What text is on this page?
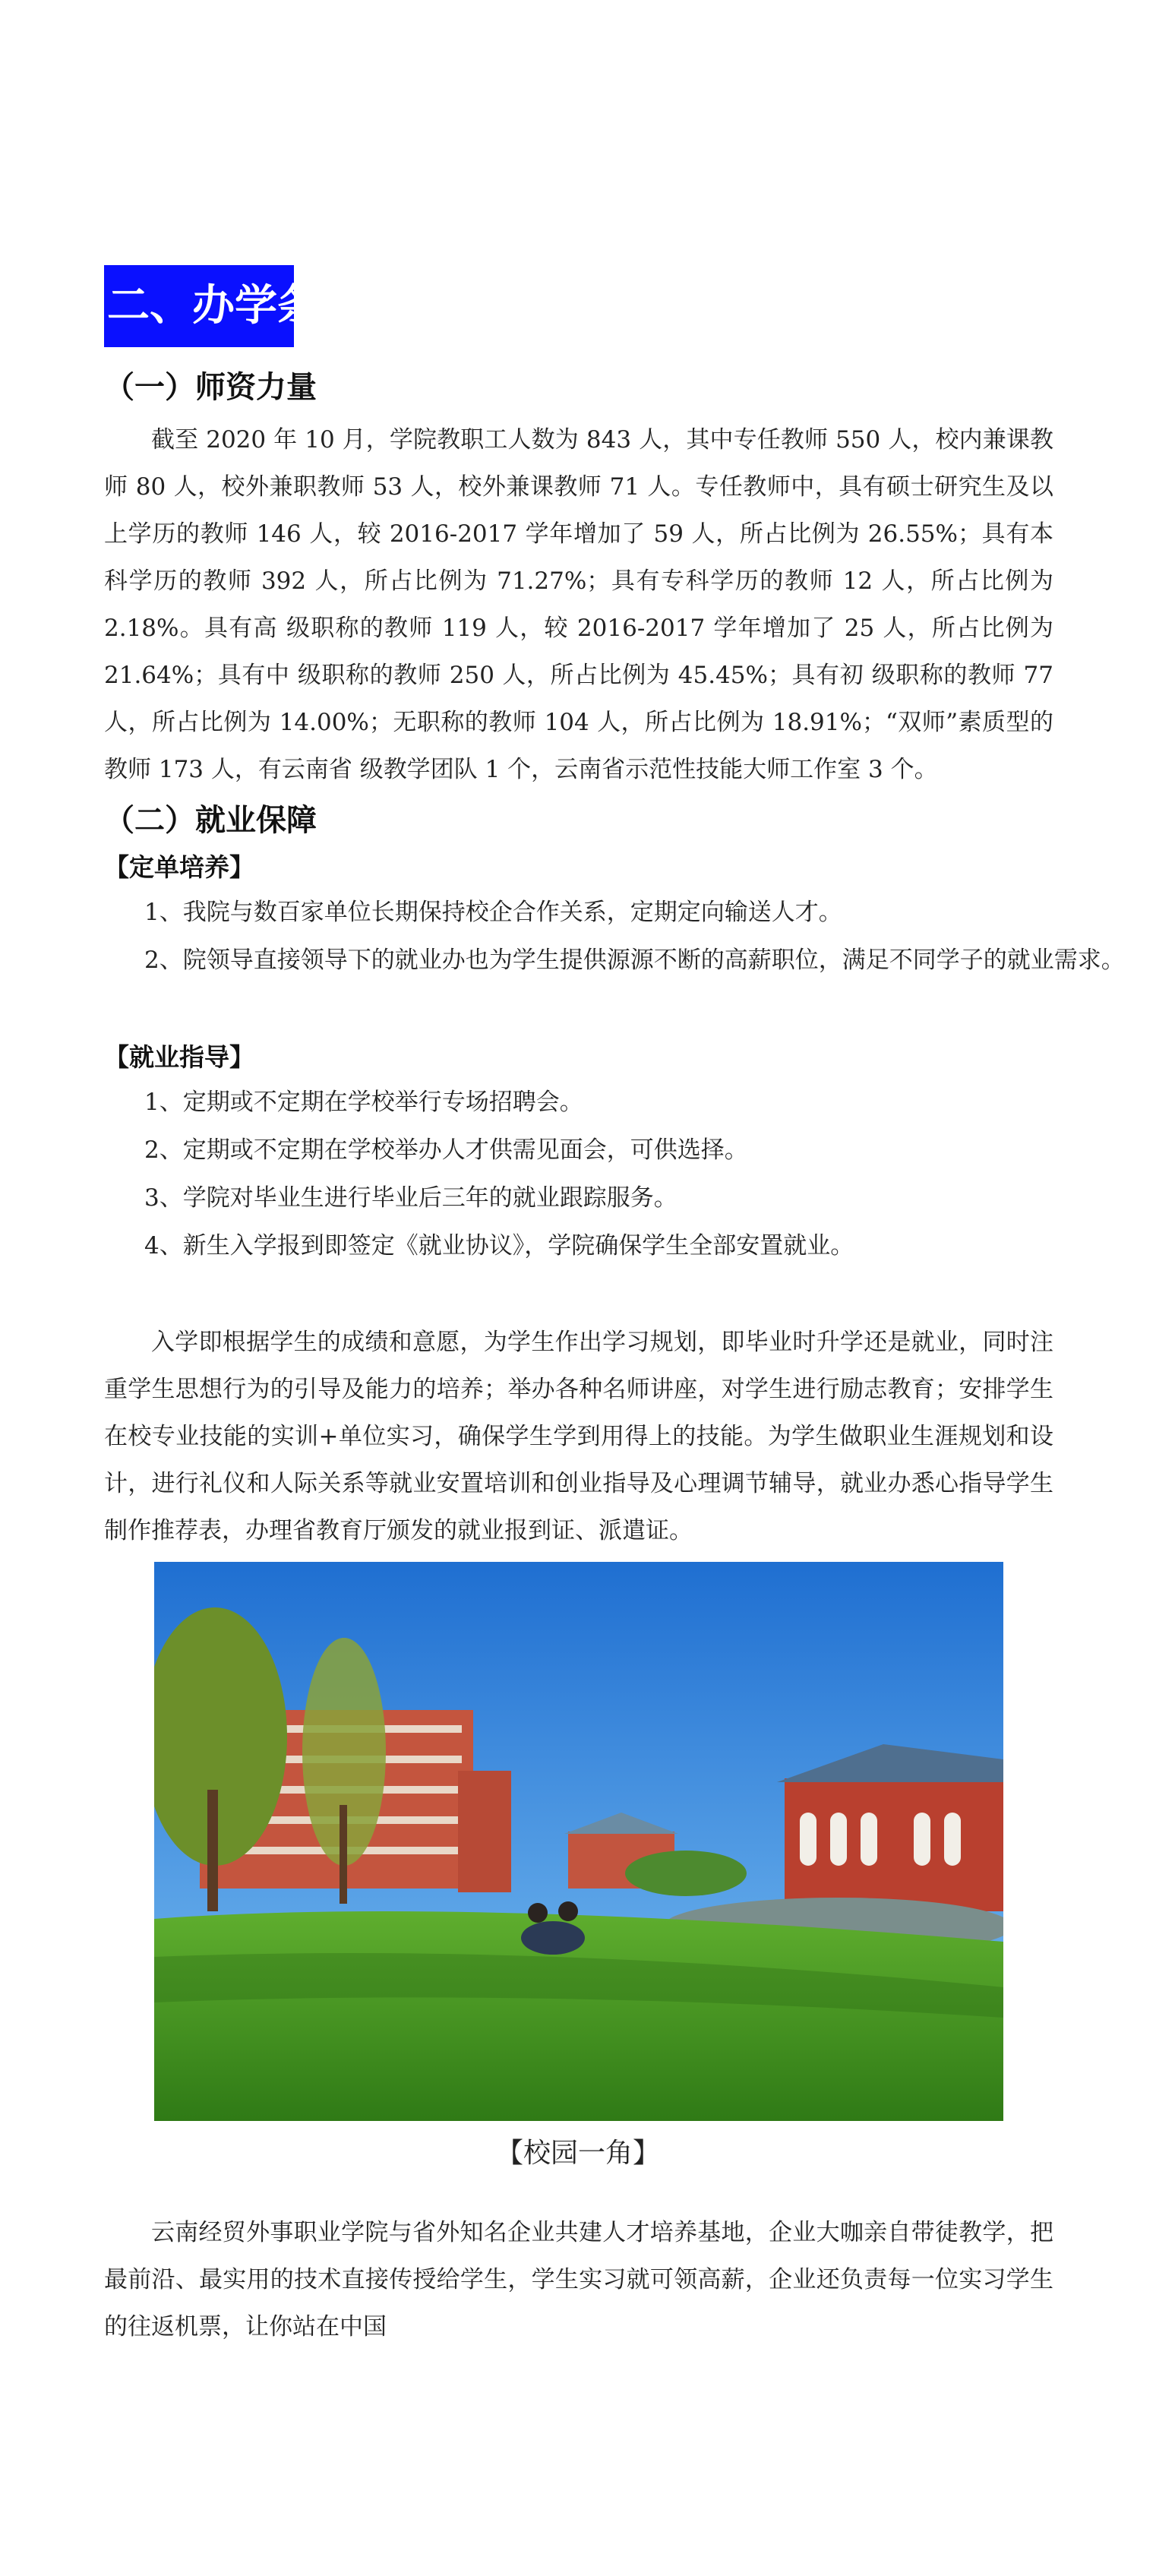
二、办学条件
（一）师资力量

截至 2020 年 10 月，学院教职工人数为 843 人，其中专任教师 550 人，校内兼课教师 80 人，校外兼职教师 53 人，校外兼课教师 71 人。专任教师中，具有硕士研究生及以上学历的教师 146 人，较 2016-2017 学年增加了 59 人，所占比例为 26.55%；具有本科学历的教师 392 人，所占比例为 71.27%；具有专科学历的教师 12 人，所占比例为 2.18%。具有高 级职称的教师 119 人，较 2016-2017 学年增加了 25 人，所占比例为 21.64%；具有中 级职称的教师 250 人，所占比例为 45.45%；具有初 级职称的教师 77 人，所占比例为 14.00%；无职称的教师 104 人，所占比例为 18.91%；“双师”素质型的教师 173 人，有云南省 级教学团队 1 个，云南省示范性技能大师工作室 3 个。

（二）就业保障
【定单培养】
1、我院与数百家单位长期保持校企合作关系，定期定向输送人才。
2、院领导直接领导下的就业办也为学生提供源源不断的高薪职位，满足不同学子的就业需求。
【就业指导】
1、定期或不定期在学校举行专场招聘会。
2、定期或不定期在学校举办人才供需见面会，可供选择。
3、学院对毕业生进行毕业后三年的就业跟踪服务。
4、新生入学报到即签定《就业协议》，学院确保学生全部安置就业。

入学即根据学生的成绩和意愿，为学生作出学习规划，即毕业时升学还是就业，同时注重学生思想行为的引导及能力的培养；举办各种名师讲座，对学生进行励志教育；安排学生在校专业技能的实训+单位实习，确保学生学到用得上的技能。为学生做职业生涯规划和设计，进行礼仪和人际关系等就业安置培训和创业指导及心理调节辅导，就业办悉心指导学生制作推荐表，办理省教育厅颁发的就业报到证、派遣证。

【校园一角】

云南经贸外事职业学院与省外知名企业共建人才培养基地，企业大咖亲自带徒教学，把最前沿、最实用的技术直接传授给学生，学生实习就可领高薪，企业还负责每一位实习学生的往返机票，让你站在中国
